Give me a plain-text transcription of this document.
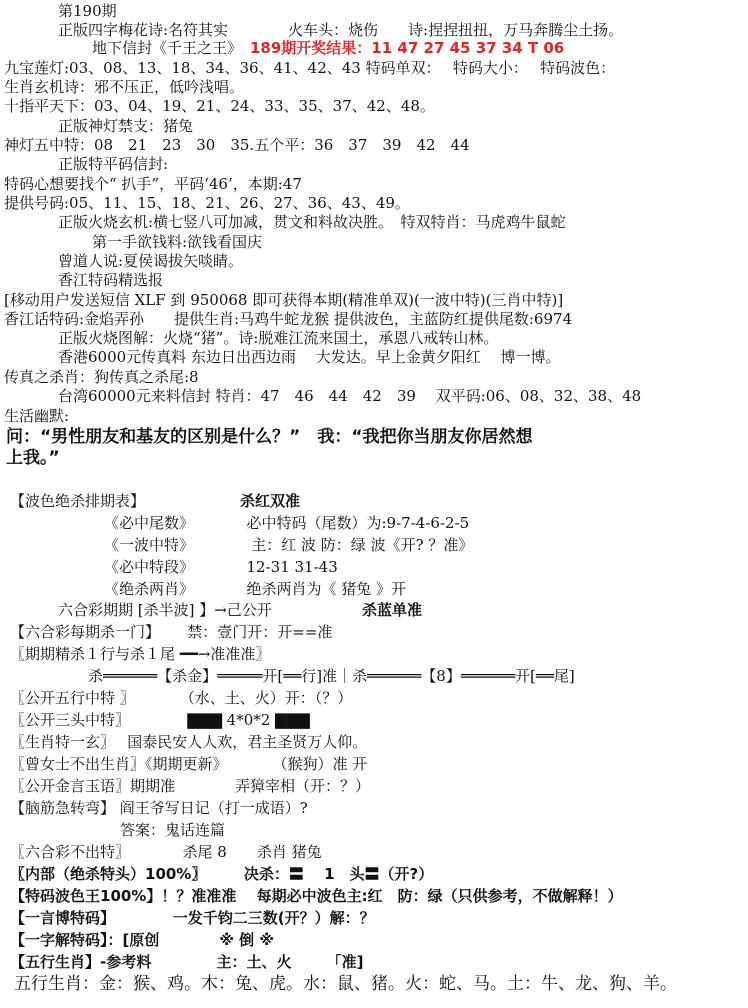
第190期
正版四字梅花诗:名符其实　　　　火车头：烧伤　　诗:捏捏扭扭，万马奔腾尘土扬。
地下信封《千王之王》
九宝莲灯:03、08、13、18、34、36、41、42、43 特码单双：　 特码大小：　 特码波色：
生肖玄机诗：邪不压正，低吟浅唱。
十指平天下：03、04、19、21、24、33、35、37、42、48。
正版神灯禁支：猪兔
神灯五中特：08　21　23　30　35.五个平：36　37　39　42　44
正版特平码信封:
特码心想要找个“ 扒手”，平码‘46’，本期:47
提供号码:05、11、15、18、21、26、27、36、43、49。
正版火烧玄机:横七竖八可加减，贯文和料故决胜。　特双特肖：马虎鸡牛鼠蛇
第一手欲钱料:欲钱看国庆
曾道人说:夏侯谒拔矢啖睛。
香江特码精选报
[移动用户发送短信 XLF 到 950068 即可获得本期(精准单双)(一波中特)(三肖中特)]
香江话特码:金焰弄孙　　提供生肖:马鸡牛蛇龙猴 提供波色，主蓝防红提供尾数:6974
正版火烧图解：火烧“猪”。诗:脱难江流来国土，承恩八戒转山林。
香港6000元传真料 东边日出西边雨　 大发达。早上金黄夕阳红　 博一博。
传真之杀肖：狗传真之杀尾:8
台湾60000元来料信封 特肖：47　46　44　42　39　 双平码:06、08、32、38、48
生活幽默:
189期开奖结果：11 47 27 45 37 34 T 06
问：“男性朋友和基友的区别是什么？”　我：“我把你当朋友你居然想
上我。”
【波色绝杀排期表】	杀红双准
《必中尾数》　　　　必中特码（尾数）为:9-7-4-6-2-5
《一波中特》　　　　 主：红 波 防：绿 波《开? ？准》
《必中特段》　　　　12-31 31-43
《绝杀两肖》　　　　绝杀两肖为《 猪兔 》开
六合彩期期 [杀半波] 】→己公开	杀蓝单准
【六合彩每期杀一门】　　 禁：壹门开：开==准
〖期期精杀１行与杀１尾 ━━→准准准〗
杀══════【杀金】═════开[══行]准｜杀══════【8】══════开[══尾]
〖公开五行中特 〗　　　　（水、土、火）开：（？）
〖公开三头中特〗　　　　 ▇▇▇ 4*0*2 ▇▇▇
〖生肖特一玄〗　 国泰民安人人欢，君主圣贤万人仰。
〖曾女士不出生肖〗《期期更新》　　　　（猴狗）准 开
〖公开金言玉语〗期期准　　　　弄獐宰相（开：？）
【脑筋急转弯】 阎王爷写日记（打一成语）?
答案：鬼话连篇
〖六合彩不出特〗　　　　杀尾 8　　杀肖 猪兔
〖内部（绝杀特头）100%〗　　　决杀：〓　 1　头〓（开?）
【特码波色王100%】！？准准准　 每期必中波色主:红　防：绿（只供参考，不做解释！）
【一言博特码】　　　　 一发千钧二三数(开？）解：？
【一字解特码】：[原创　　　　※ 倒 ※
【五行生肖】-参考料　　　　 主：土、火　　 「准]
五行生肖：金：猴、鸡。木：兔、虎。水：鼠、猪。火：蛇、马。土：牛、龙、狗、羊。
